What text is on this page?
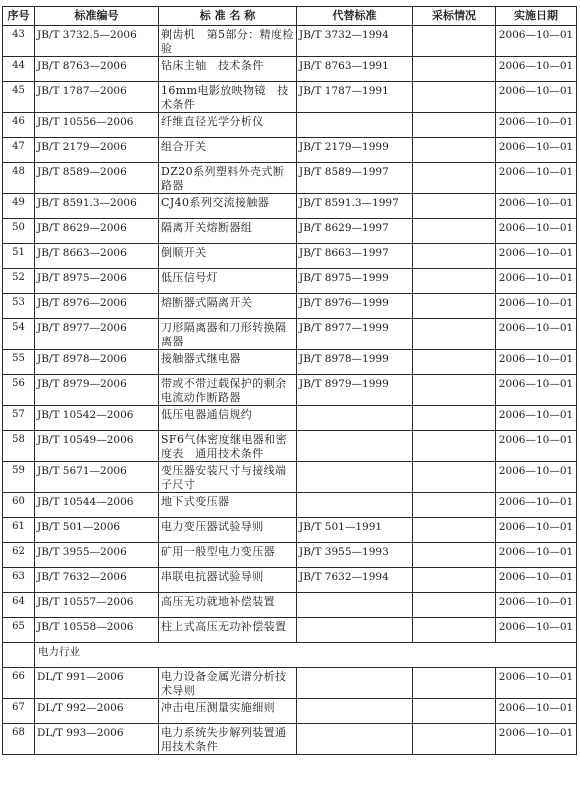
序号	标准编号	标 准 名 称	代替标准	采标情况	实施日期
43	JB/T 3732.5—2006	剃齿机　第5部分：精度检验	JB/T 3732—1994		2006—10—01
44	JB/T 8763—2006	钻床主轴　技术条件	JB/T 8763—1991		2006—10—01
45	JB/T 1787—2006	16mm电影放映物镜　技术条件	JB/T 1787—1991		2006—10—01
46	JB/T 10556—2006	纤维直径光学分析仪			2006—10—01
47	JB/T 2179—2006	组合开关	JB/T 2179—1999		2006—10—01
48	JB/T 8589—2006	DZ20系列塑料外壳式断路器	JB/T 8589—1997		2006—10—01
49	JB/T 8591.3—2006	CJ40系列交流接触器	JB/T 8591.3—1997		2006—10—01
50	JB/T 8629—2006	隔离开关熔断器组	JB/T 8629—1997		2006—10—01
51	JB/T 8663—2006	倒顺开关	JB/T 8663—1997		2006—10—01
52	JB/T 8975—2006	低压信号灯	JB/T 8975—1999		2006—10—01
53	JB/T 8976—2006	熔断器式隔离开关	JB/T 8976—1999		2006—10—01
54	JB/T 8977—2006	刀形隔离器和刀形转换隔离器	JB/T 8977—1999		2006—10—01
55	JB/T 8978—2006	接触器式继电器	JB/T 8978—1999		2006—10—01
56	JB/T 8979—2006	带或不带过载保护的剩余电流动作断路器	JB/T 8979—1999		2006—10—01
57	JB/T 10542—2006	低压电器通信规约			2006—10—01
58	JB/T 10549—2006	SF6气体密度继电器和密度表　通用技术条件			2006—10—01
59	JB/T 5671—2006	变压器安装尺寸与接线端子尺寸			2006—10—01
60	JB/T 10544—2006	地下式变压器			2006—10—01
61	JB/T 501—2006	电力变压器试验导则	JB/T 501—1991		2006—10—01
62	JB/T 3955—2006	矿用一般型电力变压器	JB/T 3955—1993		2006—10—01
63	JB/T 7632—2006	串联电抗器试验导则	JB/T 7632—1994		2006—10—01
64	JB/T 10557—2006	高压无功就地补偿装置			2006—10—01
65	JB/T 10558—2006	柱上式高压无功补偿装置			2006—10—01
	电力行业				
66	DL/T 991—2006	电力设备金属光谱分析技术导则			2006—10—01
67	DL/T 992—2006	冲击电压测量实施细则			2006—10—01
68	DL/T 993—2006	电力系统失步解列装置通用技术条件			2006—10—01
